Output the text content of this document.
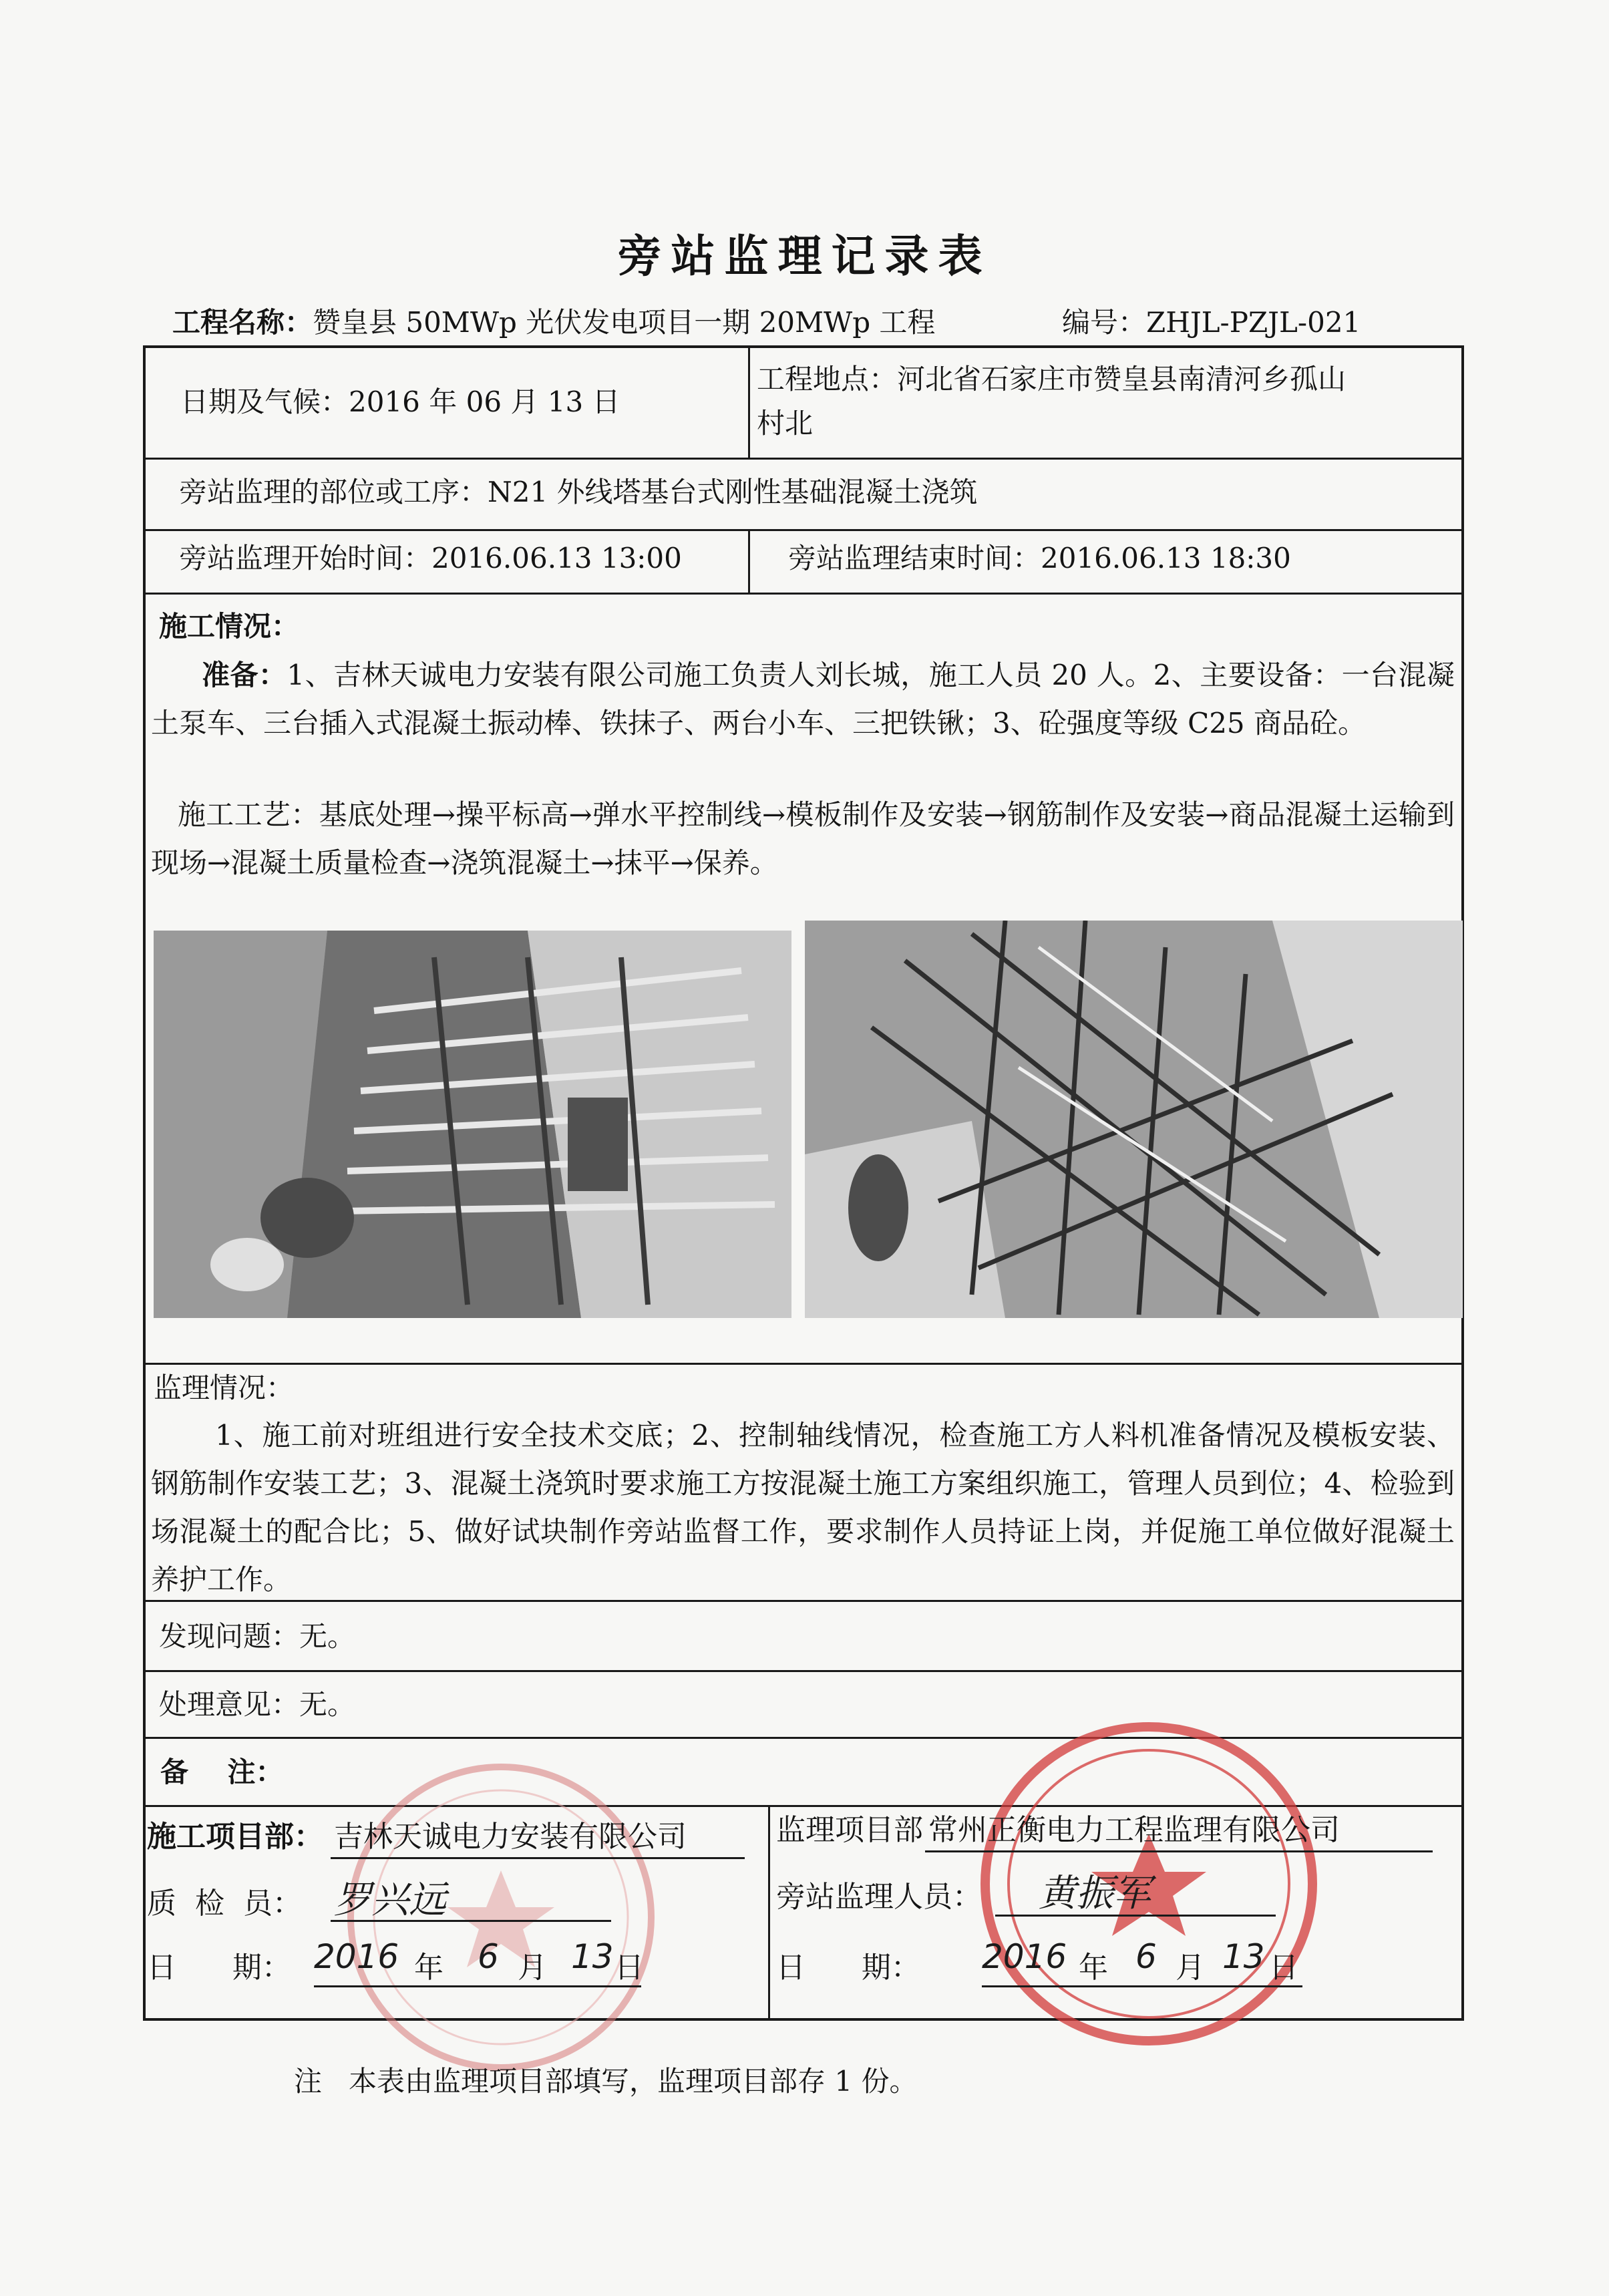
旁站监理记录表
工程名称：赞皇县 50MWp 光伏发电项目一期 20MWp 工程	编号：ZHJL-PZJL-021
日期及气候：2016 年 06 月 13 日
工程地点：河北省石家庄市赞皇县南清河乡孤山
村北
旁站监理的部位或工序：N21 外线塔基台式刚性基础混凝土浇筑
旁站监理开始时间：2016.06.13 13:00	旁站监理结束时间：2016.06.13 18:30
施工情况：
准备：1、吉林天诚电力安装有限公司施工负责人刘长城，施工人员 20 人。2、主要设备：一台混凝土泵车、三台插入式混凝土振动棒、铁抹子、两台小车、三把铁锹；3、砼强度等级 C25 商品砼。
施工工艺：基底处理→操平标高→弹水平控制线→模板制作及安装→钢筋制作及安装→商品混凝土运输到现场→混凝土质量检查→浇筑混凝土→抹平→保养。
监理情况：
1、施工前对班组进行安全技术交底；2、控制轴线情况，检查施工方人料机准备情况及模板安装、钢筋制作安装工艺；3、混凝土浇筑时要求施工方按混凝土施工方案组织施工，管理人员到位；4、检验到场混凝土的配合比；5、做好试块制作旁站监督工作，要求制作人员持证上岗，并促施工单位做好混凝土养护工作。
发现问题：无。
处理意见：无。
备    注：
施工项目部： 吉林天诚电力安装有限公司
质  检  员： 罗兴远
日      期： 2016 年 6 月 13 日
监理项目部 常州正衡电力工程监理有限公司
旁站监理人员： 黄振军
日      期： 2016 年 6 月 13 日
注   本表由监理项目部填写，监理项目部存 1 份。
